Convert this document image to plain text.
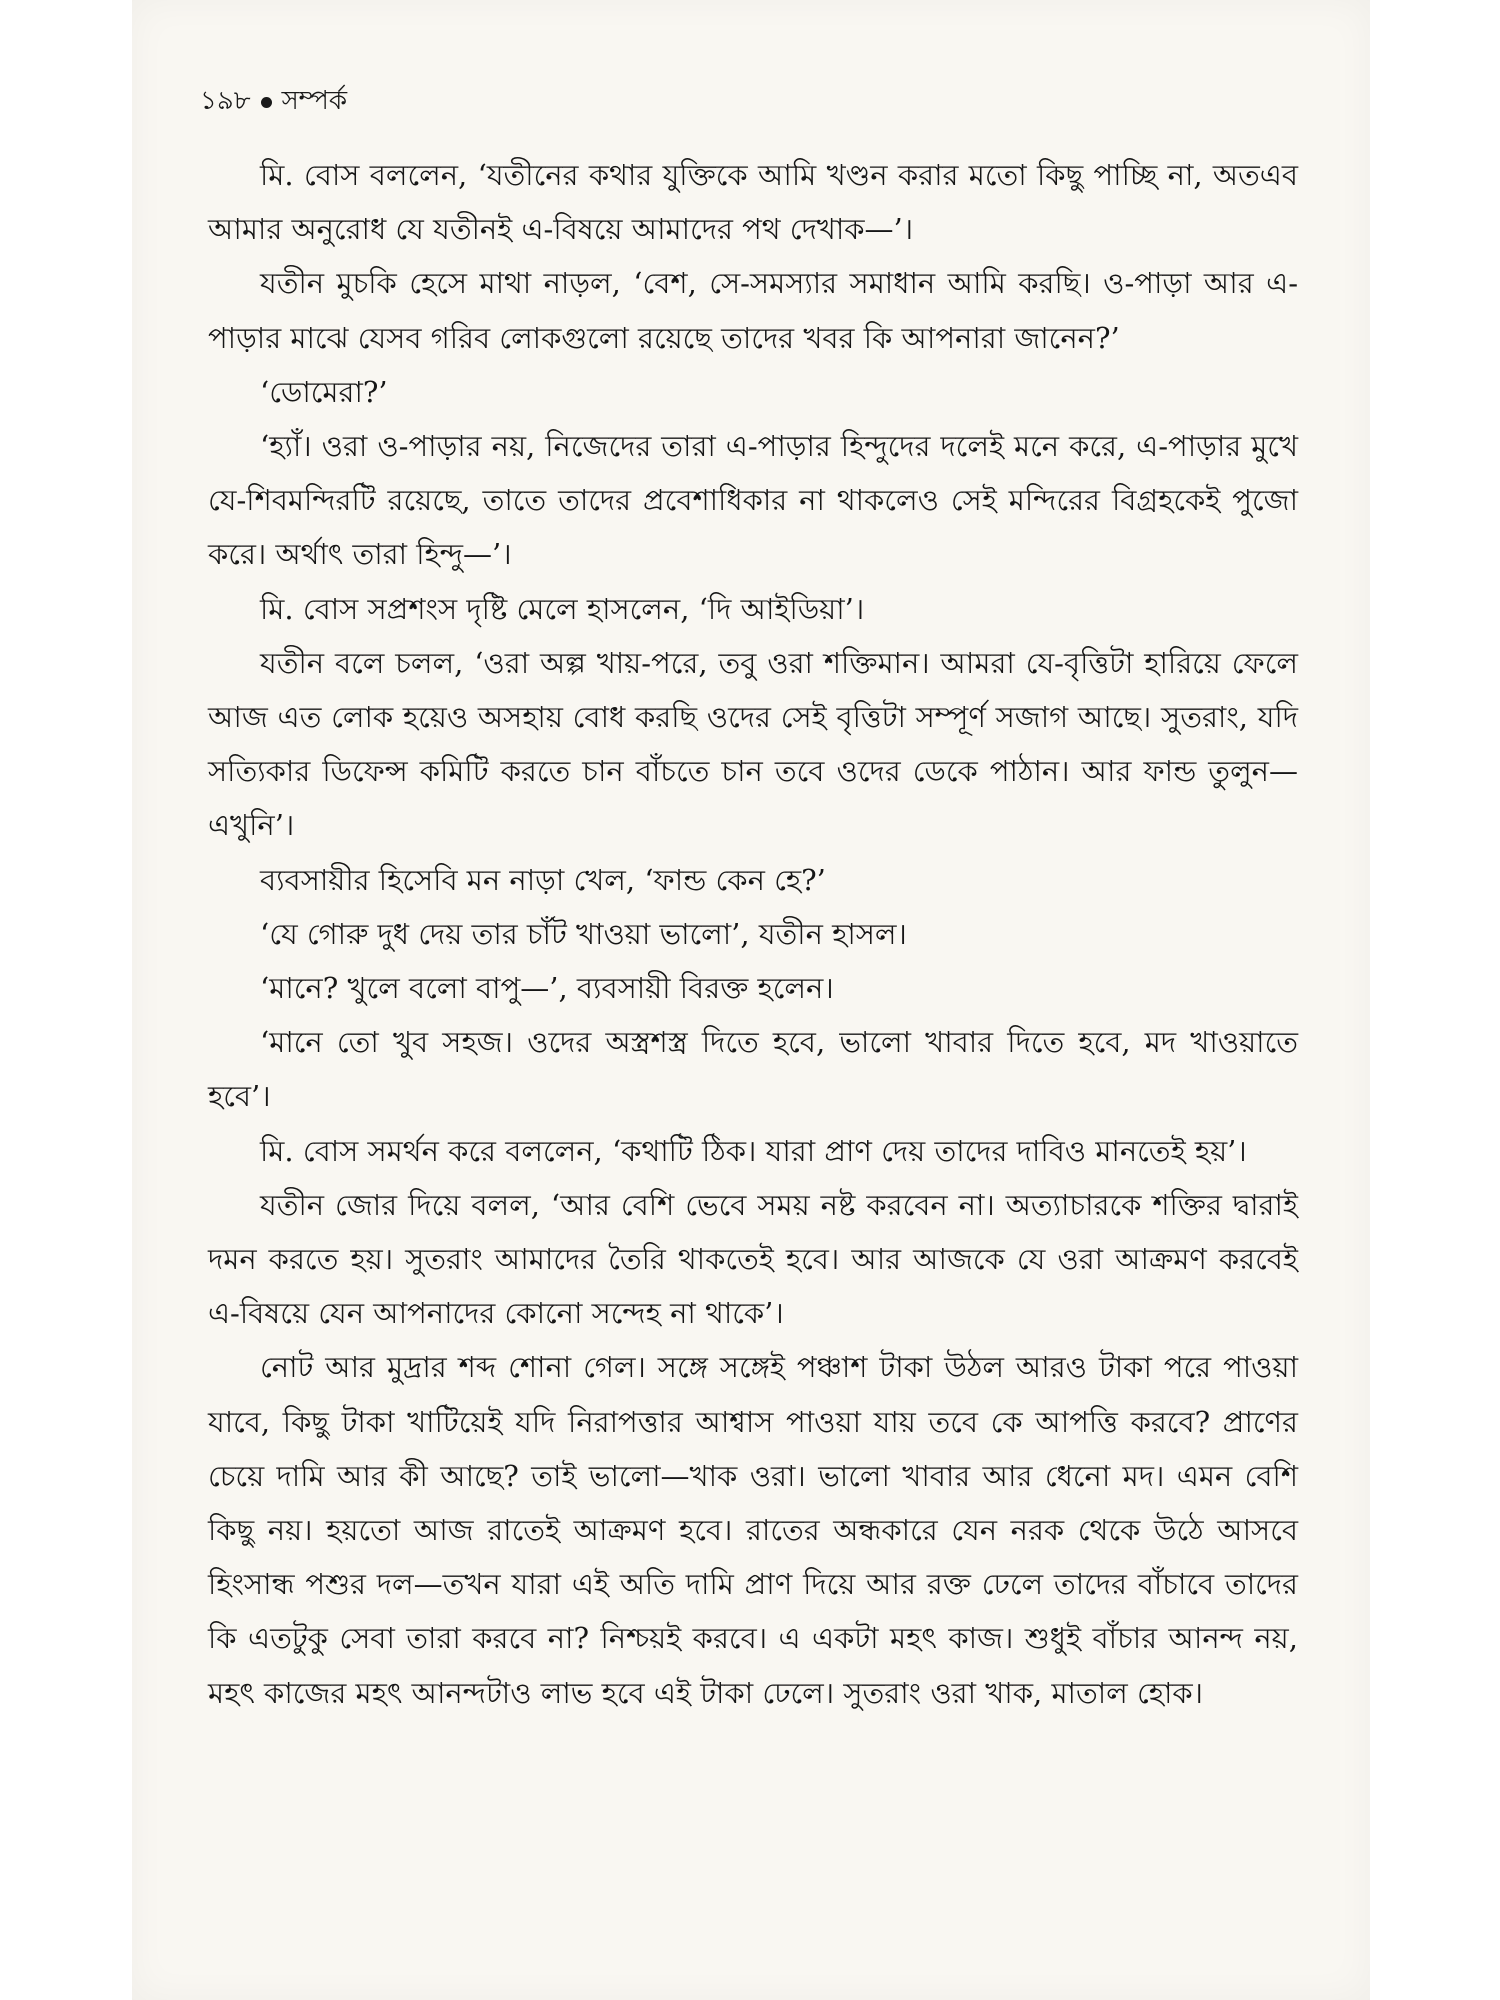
১৯৮ সম্পর্ক

মি. বোস বললেন, ‘যতীনের কথার যুক্তিকে আমি খণ্ডন করার মতো কিছু পাচ্ছি না, অতএব আমার অনুরোধ যে যতীনই এ-বিষয়ে আমাদের পথ দেখাক—’।

যতীন মুচকি হেসে মাথা নাড়ল, ‘বেশ, সে-সমস্যার সমাধান আমি করছি। ও-পাড়া আর এ-পাড়ার মাঝে যেসব গরিব লোকগুলো রয়েছে তাদের খবর কি আপনারা জানেন?’

‘ডোমেরা?’

‘হ্যাঁ। ওরা ও-পাড়ার নয়, নিজেদের তারা এ-পাড়ার হিন্দুদের দলেই মনে করে, এ-পাড়ার মুখে যে-শিবমন্দিরটি রয়েছে, তাতে তাদের প্রবেশাধিকার না থাকলেও সেই মন্দিরের বিগ্রহকেই পুজো করে। অর্থাৎ তারা হিন্দু—’।

মি. বোস সপ্রশংস দৃষ্টি মেলে হাসলেন, ‘দি আইডিয়া’।

যতীন বলে চলল, ‘ওরা অল্প খায়-পরে, তবু ওরা শক্তিমান। আমরা যে-বৃত্তিটা হারিয়ে ফেলে আজ এত লোক হয়েও অসহায় বোধ করছি ওদের সেই বৃত্তিটা সম্পূর্ণ সজাগ আছে। সুতরাং, যদি সত্যিকার ডিফেন্স কমিটি করতে চান বাঁচতে চান তবে ওদের ডেকে পাঠান। আর ফান্ড তুলুন—এখুনি’।

ব্যবসায়ীর হিসেবি মন নাড়া খেল, ‘ফান্ড কেন হে?’

‘যে গোরু দুধ দেয় তার চাঁট খাওয়া ভালো’, যতীন হাসল।

‘মানে? খুলে বলো বাপু—’, ব্যবসায়ী বিরক্ত হলেন।

‘মানে তো খুব সহজ। ওদের অস্ত্রশস্ত্র দিতে হবে, ভালো খাবার দিতে হবে, মদ খাওয়াতে হবে’।

মি. বোস সমর্থন করে বললেন, ‘কথাটি ঠিক। যারা প্রাণ দেয় তাদের দাবিও মানতেই হয়’।

যতীন জোর দিয়ে বলল, ‘আর বেশি ভেবে সময় নষ্ট করবেন না। অত্যাচারকে শক্তির দ্বারাই দমন করতে হয়। সুতরাং আমাদের তৈরি থাকতেই হবে। আর আজকে যে ওরা আক্রমণ করবেই এ-বিষয়ে যেন আপনাদের কোনো সন্দেহ না থাকে’।

নোট আর মুদ্রার শব্দ শোনা গেল। সঙ্গে সঙ্গেই পঞ্চাশ টাকা উঠল আরও টাকা পরে পাওয়া যাবে, কিছু টাকা খাটিয়েই যদি নিরাপত্তার আশ্বাস পাওয়া যায় তবে কে আপত্তি করবে? প্রাণের চেয়ে দামি আর কী আছে? তাই ভালো—খাক ওরা। ভালো খাবার আর ধেনো মদ। এমন বেশি কিছু নয়। হয়তো আজ রাতেই আক্রমণ হবে। রাতের অন্ধকারে যেন নরক থেকে উঠে আসবে হিংসান্ধ পশুর দল—তখন যারা এই অতি দামি প্রাণ দিয়ে আর রক্ত ঢেলে তাদের বাঁচাবে তাদের কি এতটুকু সেবা তারা করবে না? নিশ্চয়ই করবে। এ একটা মহৎ কাজ। শুধুই বাঁচার আনন্দ নয়, মহৎ কাজের মহৎ আনন্দটাও লাভ হবে এই টাকা ঢেলে। সুতরাং ওরা খাক, মাতাল হোক।
